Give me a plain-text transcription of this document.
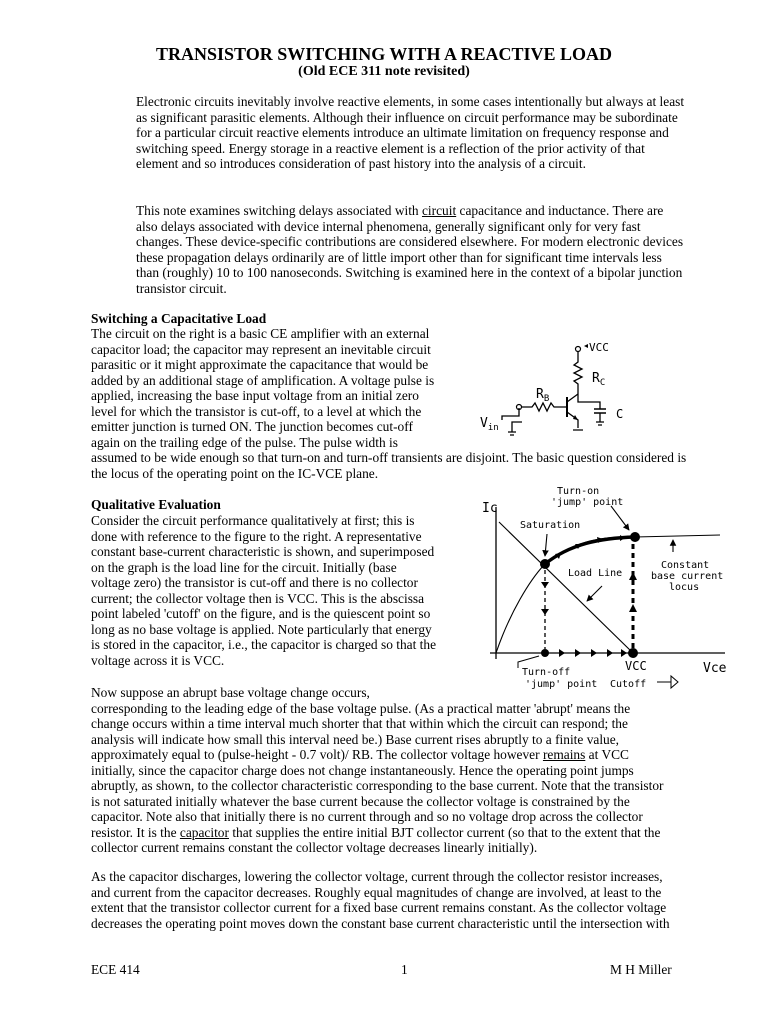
TRANSISTOR SWITCHING WITH A REACTIVE LOAD
(Old ECE 311 note revisited)
Electronic circuits inevitably involve reactive elements, in some cases intentionally but always at least as significant parasitic elements. Although their influence on circuit performance may be subordinate for a particular circuit reactive elements introduce an ultimate limitation on frequency response and switching speed. Energy storage in a reactive element is a reflection of the prior activity of that element and so introduces consideration of past history into the analysis of a circuit.
This note examines switching delays associated with circuit capacitance and inductance. There are also delays associated with device internal phenomena, generally significant only for very fast changes. These device-specific contributions are considered elsewhere. For modern electronic devices these propagation delays ordinarily are of little import other than for significant time intervals less than (roughly) 10 to 100 nanoseconds. Switching is examined here in the context of a bipolar junction transistor circuit.
Switching a Capacitative Load
The circuit on the right is a basic CE amplifier with an external
capacitor load; the capacitor may represent an inevitable circuit
parasitic or it might approximate the capacitance that would be
added by an additional stage of amplification. A voltage pulse is
applied, increasing the base input voltage from an initial zero
level for which the transistor is cut-off, to a level at which the
emitter junction is turned ON. The junction becomes cut-off
again on the trailing edge of the pulse. The pulse width is
assumed to be wide enough so that turn-on and turn-off transients are disjoint. The basic question considered is the locus of the operating point on the IC-VCE plane.
VCC
$R_C$
C
$R_B$
$V_{in}$
Qualitative Evaluation
Consider the circuit performance qualitatively at first; this is
done with reference to the figure to the right. A representative
constant base-current characteristic is shown, and superimposed
on the graph is the load line for the circuit. Initially (base
voltage zero) the transistor is cut-off and there is no collector
current; the collector voltage then is VCC. This is the abscissa
point labeled 'cutoff' on the figure, and is the quiescent point so
long as no base voltage is applied. Note particularly that energy
is stored in the capacitor, i.e., the capacitor is charged so that the
voltage across it is VCC.
Ic
Vce
Turn-on
'jump' point
Saturation
Load Line
Constant
base current
locus
Turn-off
'jump' point
VCC
Cutoff
Now suppose an abrupt base voltage change occurs,
corresponding to the leading edge of the base voltage pulse. (As a practical matter 'abrupt' means the
change occurs within a time interval much shorter that that within which the circuit can respond; the
analysis will indicate how small this interval need be.) Base current rises abruptly to a finite value,
approximately equal to (pulse-height - 0.7 volt)/ RB. The collector voltage however remains at VCC
initially, since the capacitor charge does not change instantaneously. Hence the operating point jumps
abruptly, as shown, to the collector characteristic corresponding to the base current. Note that the transistor
is not saturated initially whatever the base current because the collector voltage is constrained by the
capacitor. Note also that initially there is no current through and so no voltage drop across the collector
resistor. It is the capacitor that supplies the entire initial BJT collector current (so that to the extent that the
collector current remains constant the collector voltage decreases linearly initially).
As the capacitor discharges, lowering the collector voltage, current through the collector resistor increases,
and current from the capacitor decreases. Roughly equal magnitudes of change are involved, at least to the
extent that the transistor collector current for a fixed base current remains constant. As the collector voltage
decreases the operating point moves down the constant base current characteristic until the intersection with
ECE 414	1	M H Miller
